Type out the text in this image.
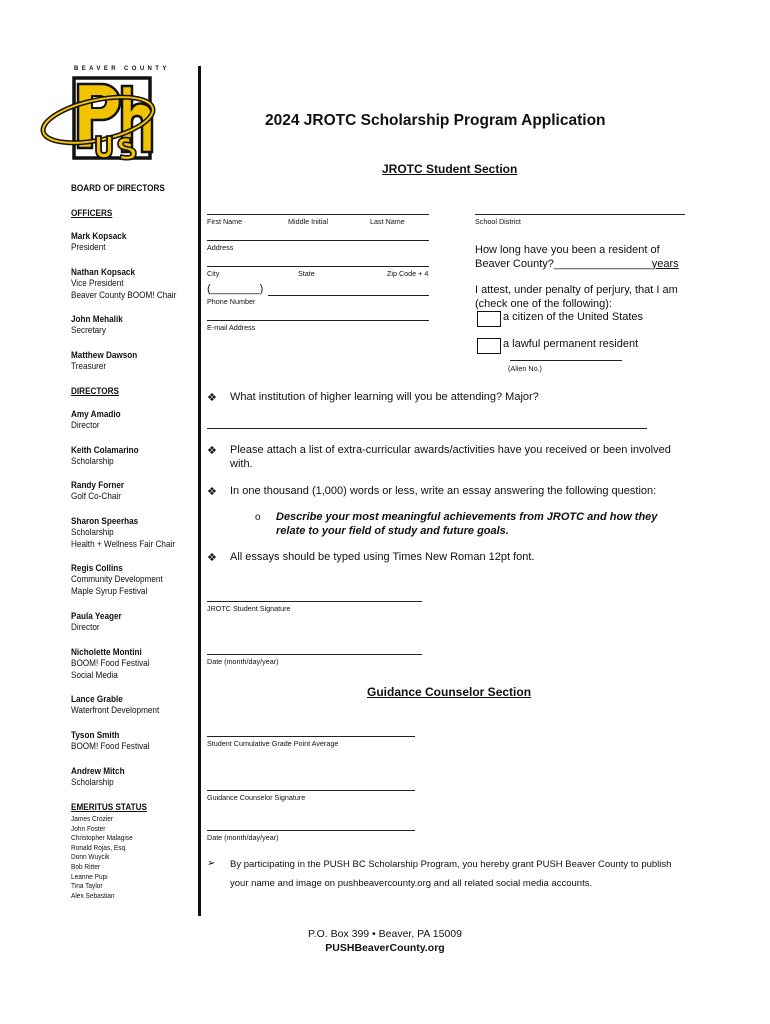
BEAVER COUNTY
BOARD OF DIRECTORS
OFFICERS
Mark Kopsack
President
Nathan Kopsack
Vice President
Beaver County BOOM! Chair
John Mehalik
Secretary
Matthew Dawson
Treasurer
DIRECTORS
Amy Amadio
Director
Keith Colamarino
Scholarship
Randy Forner
Golf Co-Chair
Sharon Speerhas
Scholarship
Health + Wellness Fair Chair
Regis Collins
Community Development
Maple Syrup Festival
Paula Yeager
Director
Nicholette Montini
BOOM! Food Festival
Social Media
Lance Grable
Waterfront Development
Tyson Smith
BOOM! Food Festival
Andrew Mitch
Scholarship
EMERITUS STATUS
James Crozier
John Foster
Christopher Malagise
Ronald Rojas, Esq.
Donn Wuycik
Bob Ritter
Leanne Pupi
Tina Taylor
Alex Sebastian
2024 JROTC Scholarship Program Application
JROTC Student Section
First Name	Middle Initial	Last Name
Address
City	State	Zip Code + 4
(________)
Phone Number
E-mail Address
School District
How long have you been a resident of
Beaver County?________________years
I attest, under penalty of perjury, that I am
(check one of the following):
a citizen of the United States
a lawful permanent resident
(Alien No.)
❖ What institution of higher learning will you be attending? Major?
❖ Please attach a list of extra-curricular awards/activities have you received or been involved
with.
❖ In one thousand (1,000) words or less, write an essay answering the following question:
o Describe your most meaningful achievements from JROTC and how they
relate to your field of study and future goals.
❖ All essays should be typed using Times New Roman 12pt font.
JROTC Student Signature
Date (month/day/year)
Guidance Counselor Section
Student Cumulative Grade Point Average
Guidance Counselor Signature
Date (month/day/year)
➢ By participating in the PUSH BC Scholarship Program, you hereby grant PUSH Beaver County to publish
your name and image on pushbeavercounty.org and all related social media accounts.
P.O. Box 399 • Beaver, PA 15009
PUSHBeaverCounty.org
